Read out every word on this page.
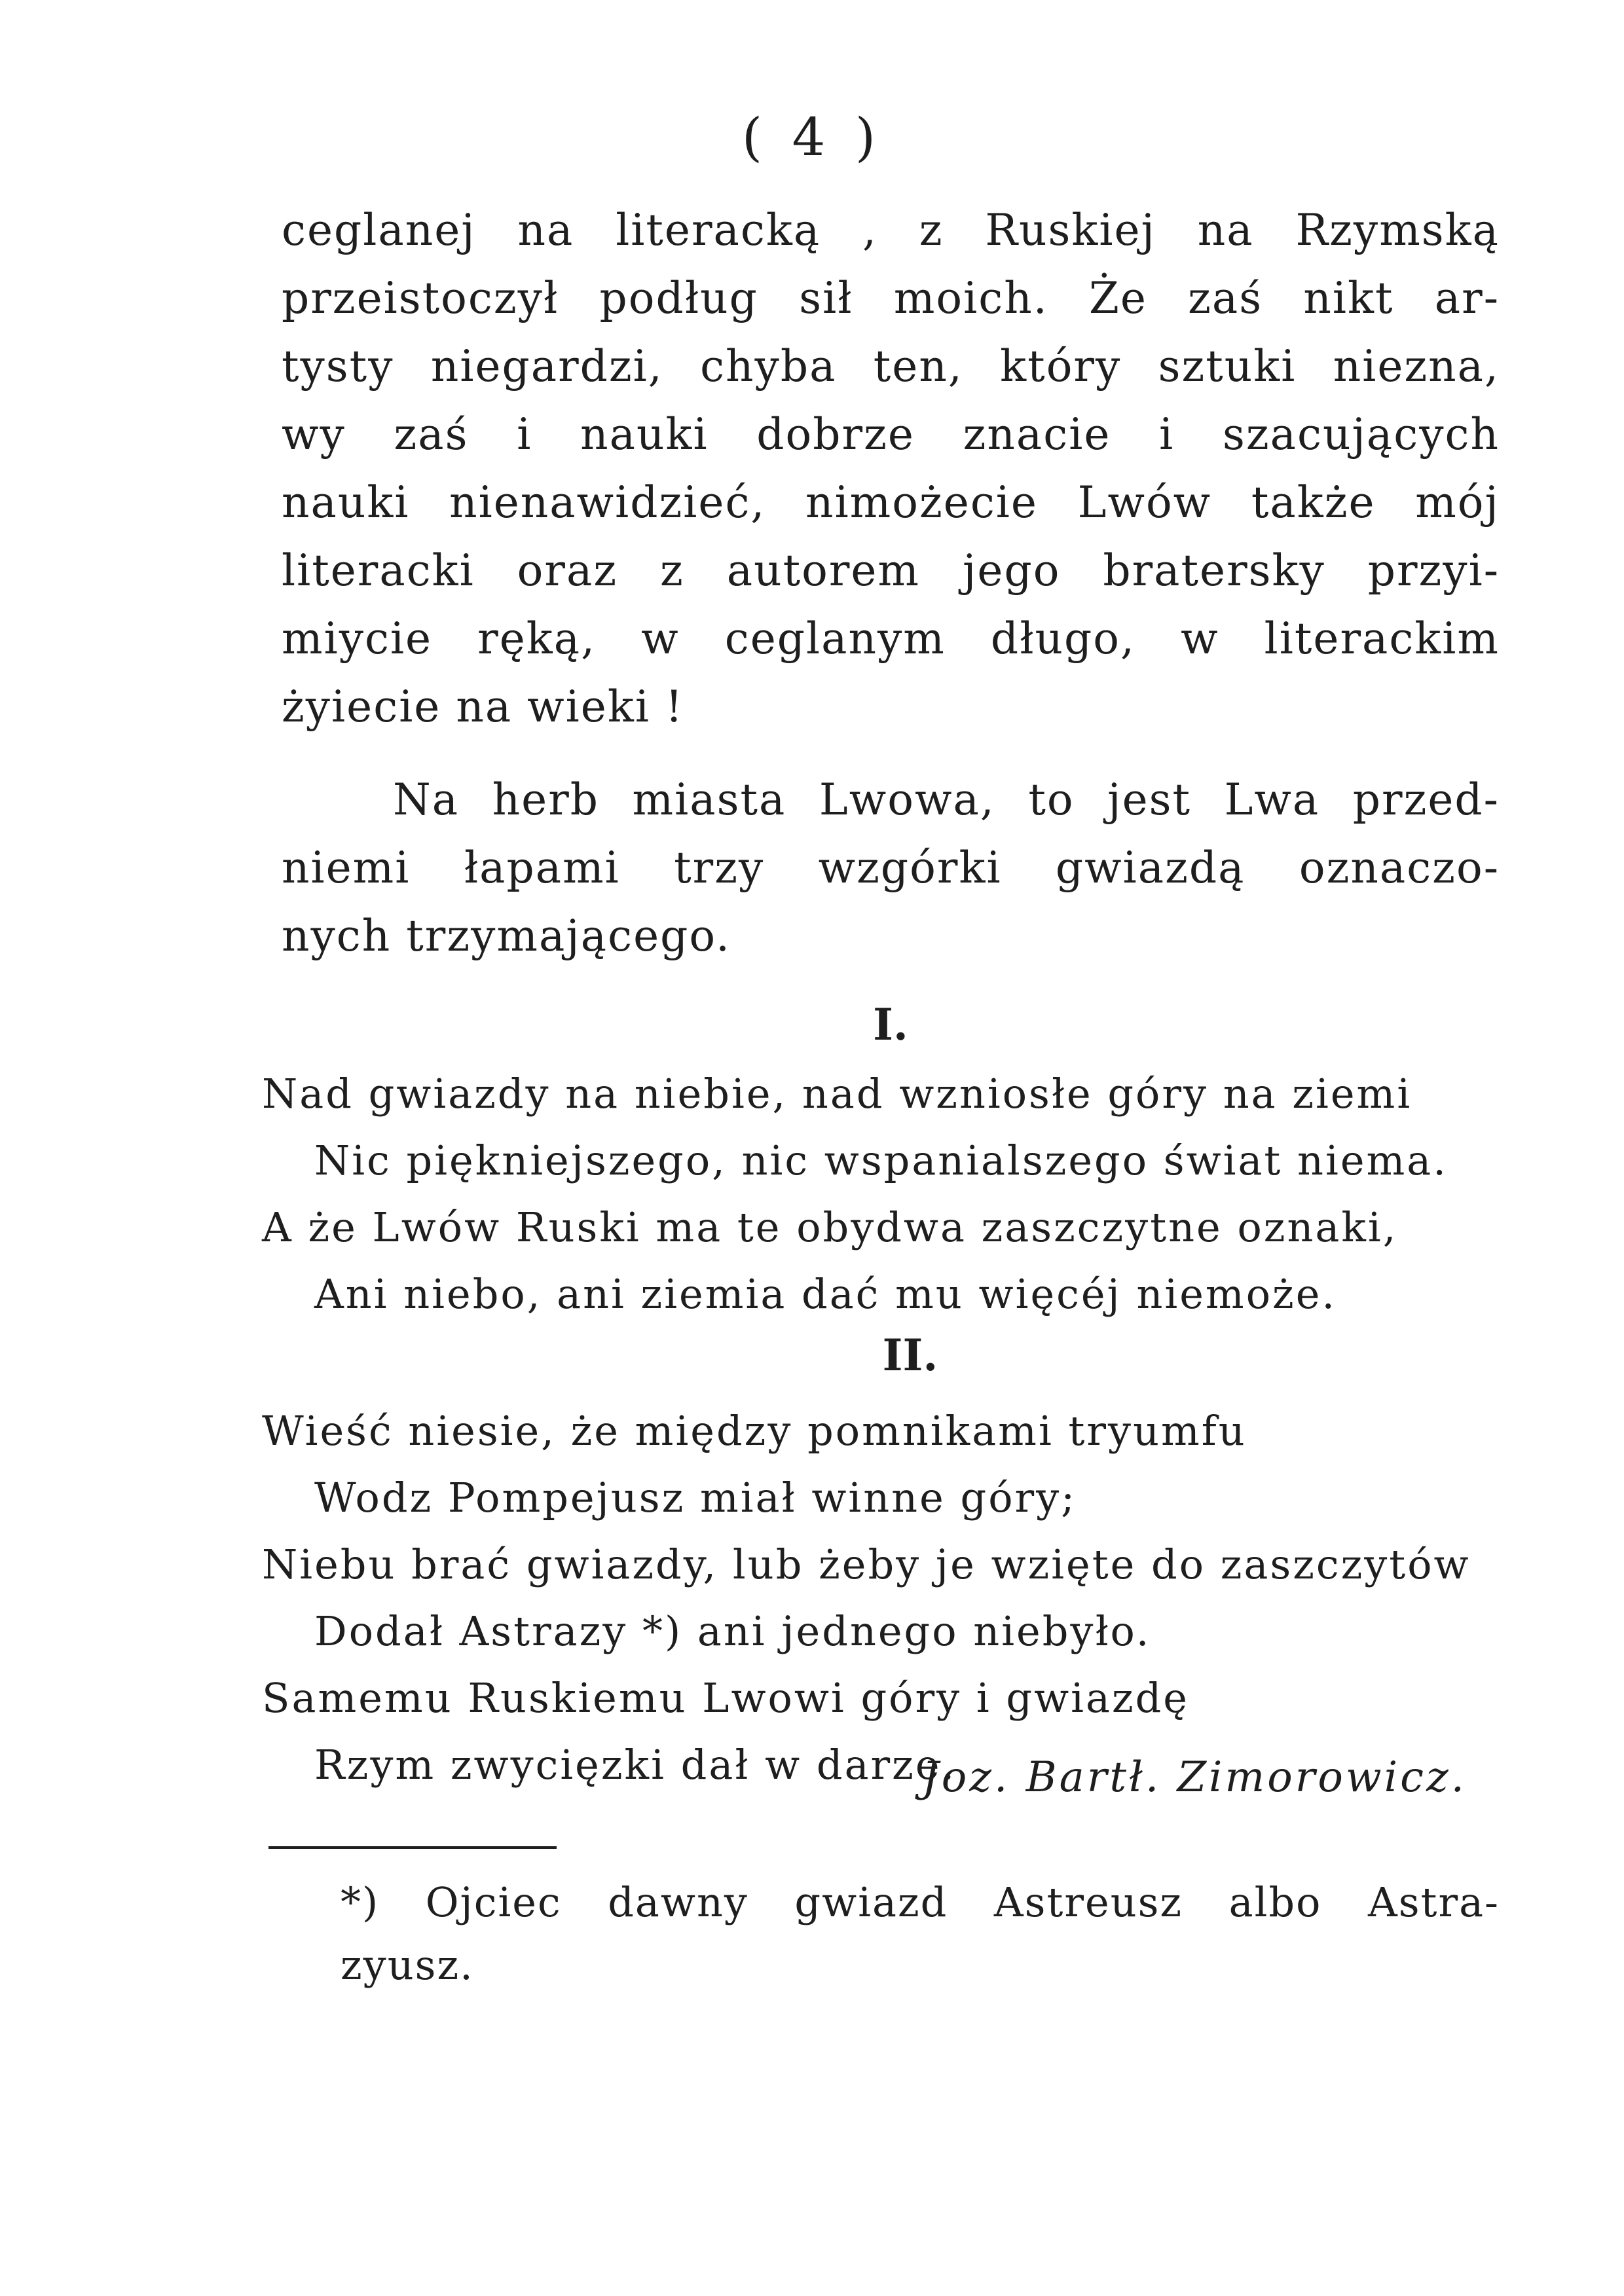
( 4 )
ceglanej na literacką , z Ruskiej na Rzymską
przeistoczył podług sił moich. Że zaś nikt ar-
tysty niegardzi, chyba ten, który sztuki niezna,
wy zaś i nauki dobrze znacie i szacujących
nauki nienawidzieć, nimożecie Lwów także mój
literacki oraz z autorem jego bratersky przyi-
miycie ręką, w ceglanym długo, w literackim
żyiecie na wieki !
Na herb miasta Lwowa, to jest Lwa przed-
niemi łapami trzy wzgórki gwiazdą oznaczo-
nych trzymającego.
I.
Nad gwiazdy na niebie, nad wzniosłe góry na ziemi
Nic piękniejszego, nic wspanialszego świat niema.
A że Lwów Ruski ma te obydwa zaszczytne oznaki,
Ani niebo, ani ziemia dać mu więcéj niemoże.
II.
Wieść niesie, że między pomnikami tryumfu
Wodz Pompejusz miał winne góry;
Niebu brać gwiazdy, lub żeby je wzięte do zaszczytów
Dodał Astrazy *) ani jednego niebyło.
Samemu Ruskiemu Lwowi góry i gwiazdę
Rzym zwycięzki dał w darze.
Joz. Bartł. Zimorowicz.
*) Ojciec dawny gwiazd Astreusz albo Astra-
zyusz.
